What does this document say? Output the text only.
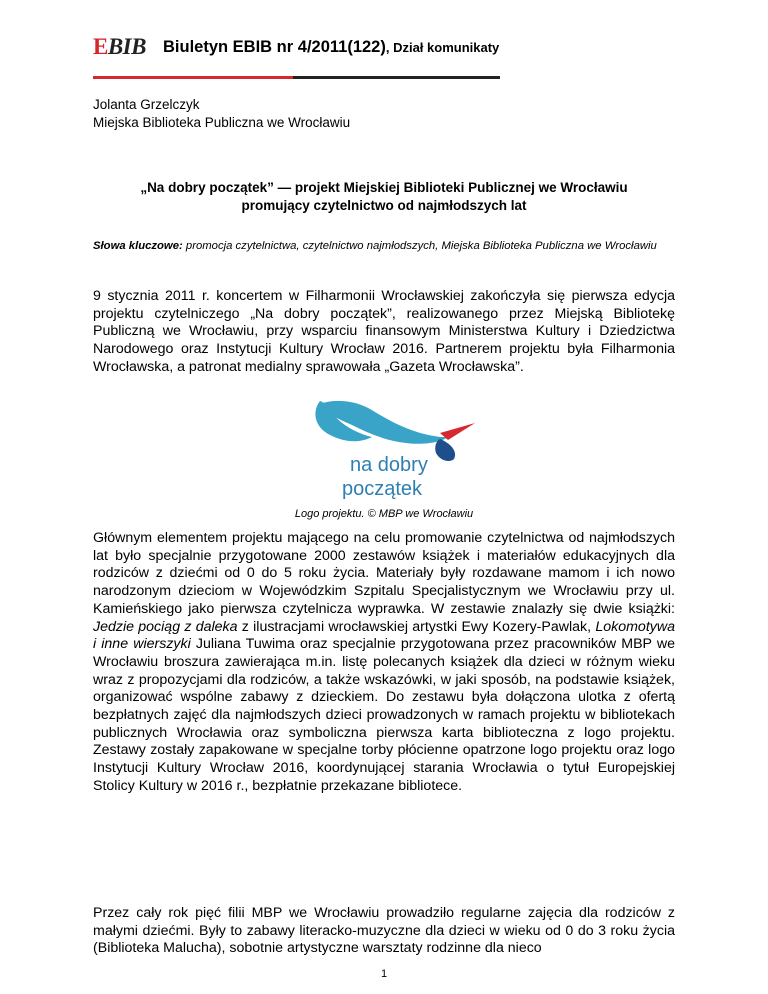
EBIB Biuletyn EBIB nr 4/2011(122), Dział komunikaty
Jolanta Grzelczyk
Miejska Biblioteka Publiczna we Wrocławiu
„Na dobry początek” — projekt Miejskiej Biblioteki Publicznej we Wrocławiu
promujący czytelnictwo od najmłodszych lat
Słowa kluczowe: promocja czytelnictwa, czytelnictwo najmłodszych, Miejska Biblioteka Publiczna we Wrocławiu
9 stycznia 2011 r. koncertem w Filharmonii Wrocławskiej zakończyła się pierwsza edycja projektu czytelniczego „Na dobry początek”, realizowanego przez Miejską Bibliotekę Publiczną we Wrocławiu, przy wsparciu finansowym Ministerstwa Kultury i Dziedzictwa Narodowego oraz Instytucji Kultury Wrocław 2016. Partnerem projektu była Filharmonia Wrocławska, a patronat medialny sprawowała „Gazeta Wrocławska”.
na dobry
początek
Logo projektu. © MBP we Wrocławiu
Głównym elementem projektu mającego na celu promowanie czytelnictwa od najmłodszych lat było specjalnie przygotowane 2000 zestawów książek i materiałów edukacyjnych dla rodziców z dziećmi od 0 do 5 roku życia. Materiały były rozdawane mamom i ich nowo narodzonym dzieciom w Wojewódzkim Szpitalu Specjalistycznym we Wrocławiu przy ul. Kamieńskiego jako pierwsza czytelnicza wyprawka. W zestawie znalazły się dwie książki: Jedzie pociąg z daleka z ilustracjami wrocławskiej artystki Ewy Kozery-Pawlak, Lokomotywa i inne wierszyki Juliana Tuwima oraz specjalnie przygotowana przez pracowników MBP we Wrocławiu broszura zawierająca m.in. listę polecanych książek dla dzieci w różnym wieku wraz z propozycjami dla rodziców, a także wskazówki, w jaki sposób, na podstawie książek, organizować wspólne zabawy z dzieckiem. Do zestawu była dołączona ulotka z ofertą bezpłatnych zajęć dla najmłodszych dzieci prowadzonych w ramach projektu w bibliotekach publicznych Wrocławia oraz symboliczna pierwsza karta biblioteczna z logo projektu. Zestawy zostały zapakowane w specjalne torby płócienne opatrzone logo projektu oraz logo Instytucji Kultury Wrocław 2016, koordynującej starania Wrocławia o tytuł Europejskiej Stolicy Kultury w 2016 r., bezpłatnie przekazane bibliotece.
Przez cały rok pięć filii MBP we Wrocławiu prowadziło regularne zajęcia dla rodziców z małymi dziećmi. Były to zabawy literacko-muzyczne dla dzieci w wieku od 0 do 3 roku życia (Biblioteka Malucha), sobotnie artystyczne warsztaty rodzinne dla nieco
1
